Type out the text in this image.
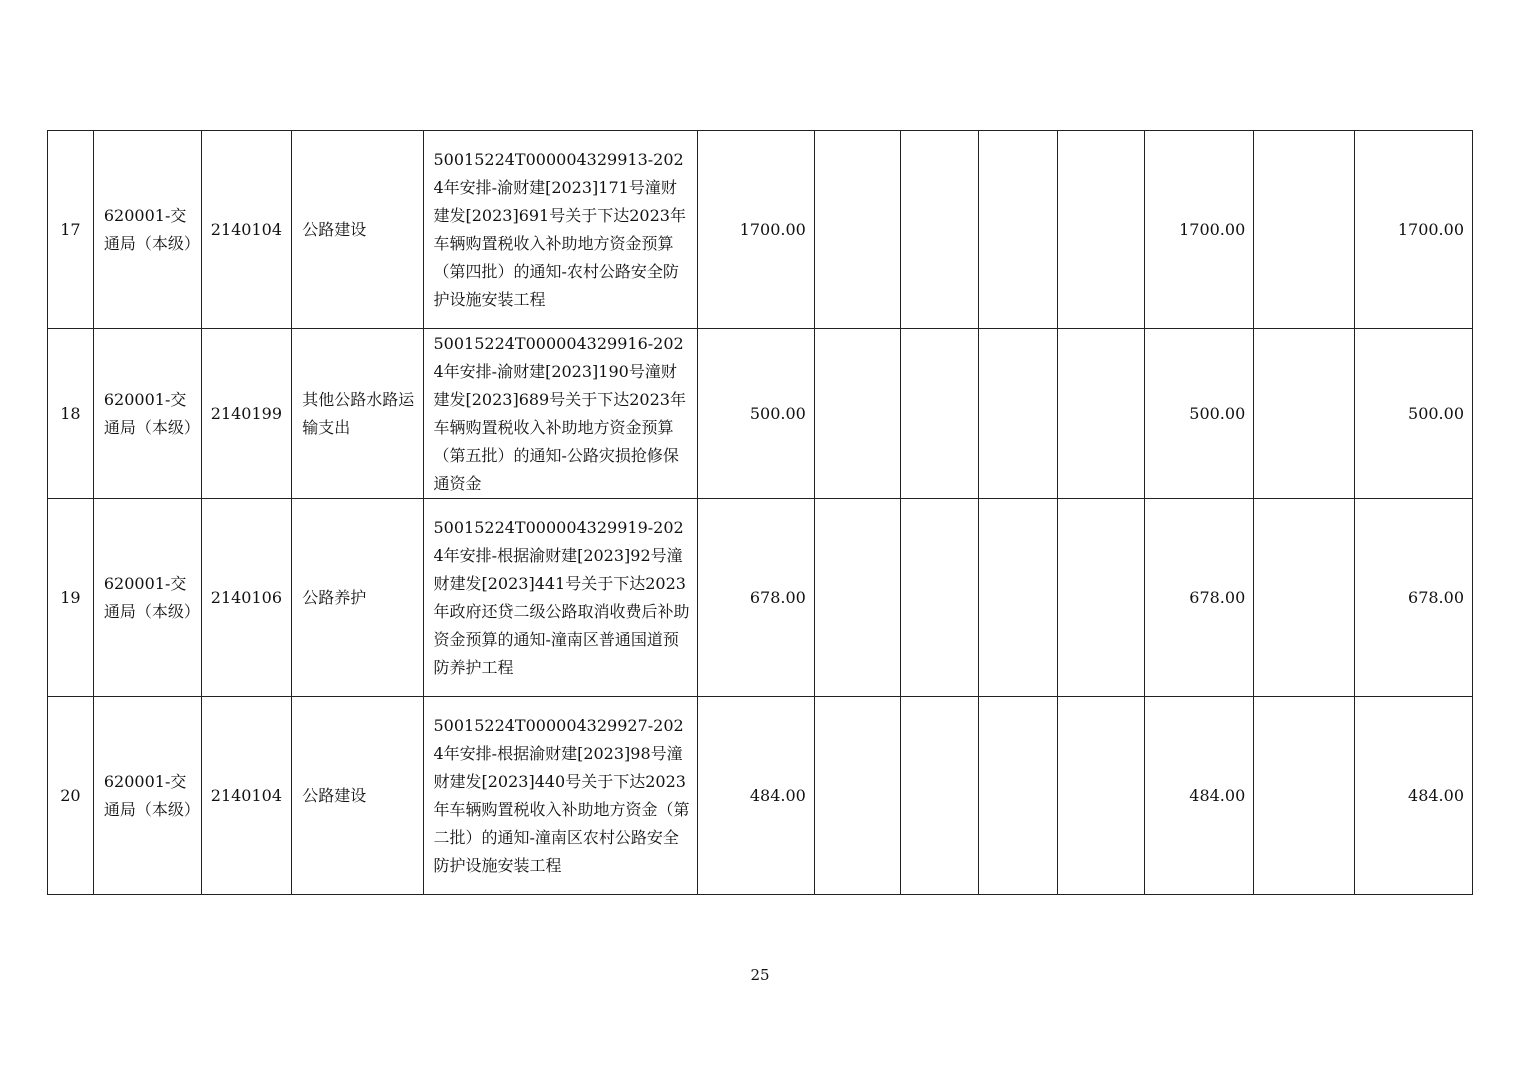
17	620001-交通局（本级）	2140104	公路建设	50015224T000004329913-2024年安排-渝财建[2023]171号潼财建发[2023]691号关于下达2023年车辆购置税收入补助地方资金预算（第四批）的通知-农村公路安全防护设施安装工程	1700.00					1700.00		1700.00
18	620001-交通局（本级）	2140199	其他公路水路运输支出	50015224T000004329916-2024年安排-渝财建[2023]190号潼财建发[2023]689号关于下达2023年车辆购置税收入补助地方资金预算（第五批）的通知-公路灾损抢修保通资金	500.00					500.00		500.00
19	620001-交通局（本级）	2140106	公路养护	50015224T000004329919-2024年安排-根据渝财建[2023]92号潼财建发[2023]441号关于下达2023年政府还贷二级公路取消收费后补助资金预算的通知-潼南区普通国道预防养护工程	678.00					678.00		678.00
20	620001-交通局（本级）	2140104	公路建设	50015224T000004329927-2024年安排-根据渝财建[2023]98号潼财建发[2023]440号关于下达2023年车辆购置税收入补助地方资金（第二批）的通知-潼南区农村公路安全防护设施安装工程	484.00					484.00		484.00
25
